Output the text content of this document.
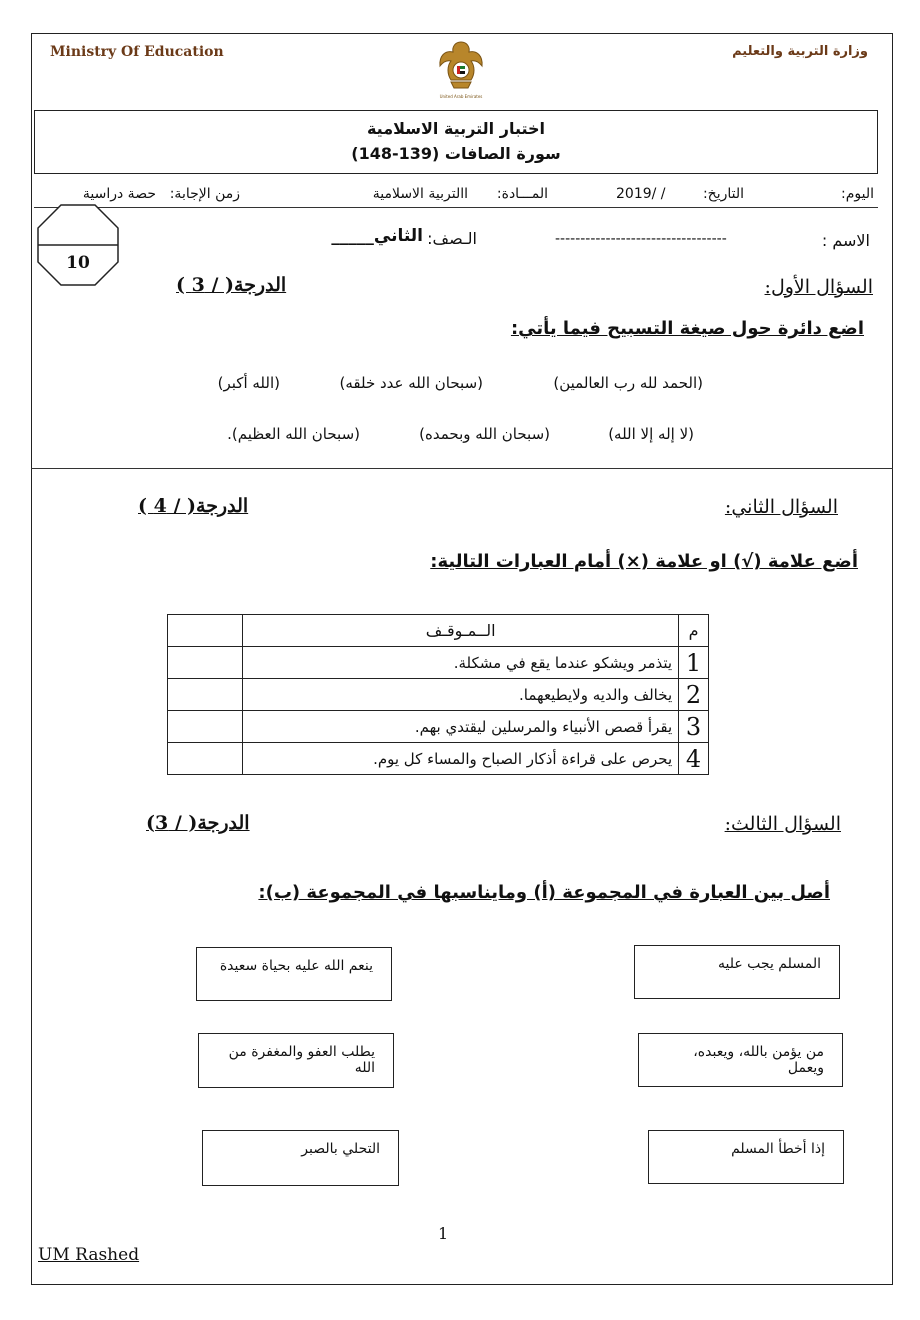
Ministry Of Education	وزارة التربية والتعليم
United Arab Emirates
اختبار التربية الاسلامية
سورة الصافات (139-148)
اليوم:
التاريخ:
/ /2019
المـــادة:
االتربية الاسلامية
زمن الإجابة:
حصة دراسية
10
الاسم :
----------------------------------
الـصف:
الثاني_____
السؤال الأول:
الدرجة( / 3 )
اضع دائرة حول صيغة التسبيح فيما يأتي:
(الحمد لله رب العالمين)
(سبحان الله عدد خلقه)
(الله أكبر)
(لا إله إلا الله)
(سبحان الله وبحمده)
(سبحان الله العظيم).
السؤال الثاني:
الدرجة( / 4 )
أضع علامة (√) او علامة (×) أمام العبارات التالية:
م	الــمـوقـف	
1	يتذمر ويشكو عندما يقع في مشكلة.	
2	يخالف والديه ولايطيعهما.	
3	يقرأ قصص الأنبياء والمرسلين ليقتدي بهم.	
4	يحرص على قراءة أذكار الصباح والمساء كل يوم.	
السؤال الثالث:
الدرجة( / 3)
أصل بين العبارة في المجموعة (أ) ومايناسبها في المجموعة (ب):
المسلم يجب عليه
من يؤمن بالله، ويعبده، ويعمل
إذا أخطأ المسلم
ينعم الله عليه بحياة سعيدة
يطلب العفو والمغفرة من الله
التحلي بالصبر
1
UM Rashed
